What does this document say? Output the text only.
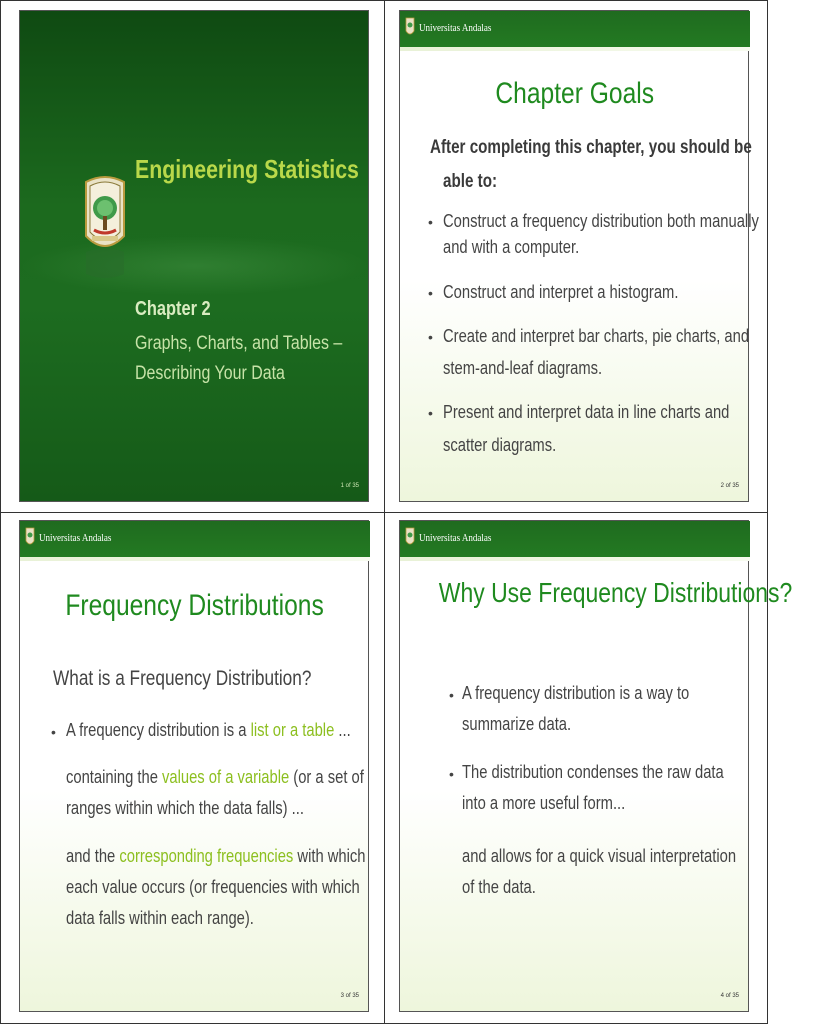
Engineering Statistics
Chapter 2
Graphs, Charts, and Tables –
Describing Your Data
1 of 35
Universitas Andalas
Chapter Goals
After completing this chapter, you should be
able to:
• Construct a frequency distribution both manually
and with a computer.
• Construct and interpret a histogram.
• Create and interpret bar charts, pie charts, and
stem-and-leaf diagrams.
• Present and interpret data in line charts and
scatter diagrams.
2 of 35
Universitas Andalas
Frequency Distributions
What is a Frequency Distribution?
• A frequency distribution is a list or a table ...
containing the values of a variable (or a set of
ranges within which the data falls) ...
and the corresponding frequencies with which
each value occurs (or frequencies with which
data falls within each range).
3 of 35
Universitas Andalas
Why Use Frequency Distributions?
• A frequency distribution is a way to
summarize data.
• The distribution condenses the raw data
into a more useful form...
and allows for a quick visual interpretation
of the data.
4 of 35
